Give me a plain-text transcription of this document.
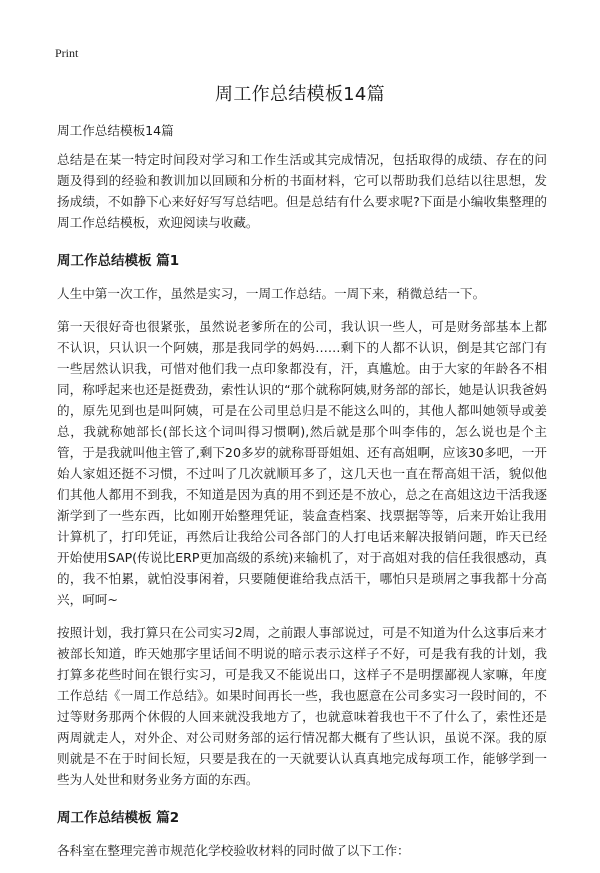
Print
周工作总结模板14篇

周工作总结模板14篇

总结是在某一特定时间段对学习和工作生活或其完成情况，包括取得的成绩、存在的问题及得到的经验和教训加以回顾和分析的书面材料，它可以帮助我们总结以往思想，发扬成绩，不如静下心来好好写写总结吧。但是总结有什么要求呢?下面是小编收集整理的周工作总结模板，欢迎阅读与收藏。

周工作总结模板 篇1

人生中第一次工作，虽然是实习，一周工作总结。一周下来，稍微总结一下。

第一天很好奇也很紧张，虽然说老爹所在的公司，我认识一些人，可是财务部基本上都不认识，只认识一个阿姨，那是我同学的妈妈……剩下的人都不认识，倒是其它部门有一些居然认识我，可惜对他们我一点印象都没有，汗，真尴尬。由于大家的年龄各不相同，称呼起来也还是挺费劲，索性认识的“那个就称阿姨,财务部的部长，她是认识我爸妈的，原先见到也是叫阿姨，可是在公司里总归是不能这么叫的，其他人都叫她领导或姜总，我就称她部长(部长这个词叫得习惯啊),然后就是那个叫李伟的，怎么说也是个主管，于是我就叫他主管了,剩下20多岁的就称哥哥姐姐、还有高姐啊，应该30多吧，一开始人家姐还挺不习惯，不过叫了几次就顺耳多了，这几天也一直在帮高姐干活，貌似他们其他人都用不到我，不知道是因为真的用不到还是不放心，总之在高姐这边干活我逐渐学到了一些东西，比如刚开始整理凭证，装盒查档案、找票据等等，后来开始让我用计算机了，打印凭证，再然后让我给公司各部门的人打电话来解决报销问题，昨天已经开始使用SAP(传说比ERP更加高级的系统)来输机了，对于高姐对我的信任我很感动，真的，我不怕累，就怕没事闲着，只要随便谁给我点活干，哪怕只是琐屑之事我都十分高兴，呵呵~

按照计划，我打算只在公司实习2周，之前跟人事部说过，可是不知道为什么这事后来才被部长知道，昨天她那字里话间不明说的暗示表示这样子不好，可是我有我的计划，我打算多花些时间在银行实习，可是我又不能说出口，这样子不是明摆鄙视人家嘛，年度工作总结《一周工作总结》。如果时间再长一些，我也愿意在公司多实习一段时间的，不过等财务那两个休假的人回来就没我地方了，也就意味着我也干不了什么了，索性还是两周就走人，对外企、对公司财务部的运行情况都大概有了些认识，虽说不深。我的原则就是不在于时间长短，只要是我在的一天就要认认真真地完成每项工作，能够学到一些为人处世和财务业务方面的东西。

周工作总结模板 篇2

各科室在整理完善市规范化学校验收材料的同时做了以下工作：
